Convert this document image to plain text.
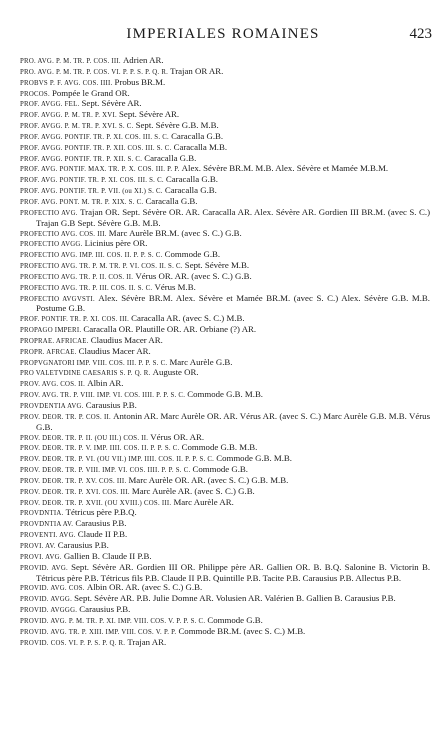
IMPERIALES ROMAINES	423
PRO. AVG. P. M. TR. P. COS. III. Adrien AR.
PRO. AVG. P. M. TR. P. COS. VI. P. P. S. P. Q. R. Trajan OR AR.
PROBVS P. F. AVG. COS. IIII. Probus BR.M.
PROCOS. Pompée le Grand OR.
PROF. AVGG. FEL. Sept. Sévère AR.
PROF. AVGG. P. M. TR. P. XVI. Sept. Sévère AR.
PROF. AVGG. P. M. TR. P. XVI. S. C. Sept. Sévère G.B. M.B.
PROF. AVGG. PONTIF. TR. P. XI. COS. III. S. C. Caracalla G.B.
PROF. AVGG. PONTIF. TR. P. XII. COS. III. S. C. Caracalla M.B.
PROF. AVGG. PONTIF. TR. P. XII. S. C. Caracalla G.B.
PROF. AVG. PONTIF. MAX. TR. P. X. COS. III. P. P. Alex. Sévère BR.M. M.B. Alex. Sévère et Mamée M.B.M.
PROF. AVG. PONTIF. TR. P. XI. COS. III. S. C. Caracalla G.B.
PROF. AVG. PONTIF. TR. P. VII. (ou XI.) S. C. Caracalla G.B.
PROF. AVG. PONT. M. TR. P. XIX. S. C. Caracalla G.B.
PROFECTIO AVG. Trajan OR. Sept. Sévère OR. AR. Caracalla AR. Alex. Sévère AR. Gordien III BR.M. (avec S. C.) Trajan G.B Sept. Sévère G.B. M.B.
PROFECTIO AVG. COS. III. Marc Aurèle BR.M. (avec S. C.) G.B.
PROFECTIO AVGG. Licinius père OR.
PROFECTIO AVG. IMP. III. COS. II. P. P. S. C. Commode G.B.
PROFECTIO AVG. TR. P. M. TR. P. VI. COS. II. S. C. Sept. Sévère M.B.
PROFECTIO AVG. TR. P. II. COS. II. Vérus OR. AR. (avec S. C.) G.B.
PROFECTIO AVG. TR. P. III. COS. II. S. C. Vérus M.B.
PROFECTIO AVGVSTI. Alex. Sévère BR.M. Alex. Sévère et Mamée BR.M. (avec S. C.) Alex. Sévère G.B. M.B. Postume G.B.
PROF. PONTIF. TR. P. XI. COS. III. Caracalla AR. (avec S. C.) M.B.
PROPAGO IMPERI. Caracalla OR. Plautille OR. AR. Orbiane (?) AR.
PROPRAE. AFRICAE. Claudius Macer AR.
PROPR. AFRCAE. Claudius Macer AR.
PROPVGNATORI IMP. VIII. COS. III. P. P. S. C. Marc Aurèle G.B.
PRO VALETVDINE CAESARIS S. P. Q. R. Auguste OR.
PROV. AVG. COS. II. Albin AR.
PROV. AVG. TR. P. VIII. IMP. VI. COS. IIII. P. P. S. C. Commode G.B. M.B.
PROVDENTIA AVG. Carausius P.B.
PROV. DEOR. TR. P. COS. II. Antonin AR. Marc Aurèle OR. AR. Vérus AR. (avec S. C.) Marc Aurèle G.B. M.B. Vérus G.B.
PROV. DEOR. TR. P. II. (OU III.) COS. II. Vérus OR. AR.
PROV. DEOR. TR. P. V. IMP. IIII. COS. II. P. P. S. C. Commode G.B. M.B.
PROV. DEOR. TR. P. VI. (OU VII.) IMP. IIII. COS. II. P. P. S. C. Commode G.B. M.B.
PROV. DEOR. TR. P. VIII. IMP. VI. COS. IIII. P. P. S. C. Commode G.B.
PROV. DEOR. TR. P. XV. COS. III. Marc Aurèle OR. AR. (avec S. C.) G.B. M.B.
PROV. DEOR. TR. P. XVI. COS. III. Marc Aurèle AR. (avec S. C.) G.B.
PROV. DEOR. TR. P. XVII. (OU XVIII.) COS. III. Marc Aurèle AR.
PROVDNTIA. Tétricus père P.B.Q.
PROVDNTIA AV. Carausius P.B.
PROVENTI. AVG. Claude II P.B.
PROVI. AV. Carausius P.B.
PROVI. AVG. Gallien B. Claude II P.B.
PROVID. AVG. Sept. Sévère AR. Gordien III OR. Philippe père AR. Gallien OR. B. B.Q. Salonine B. Victorin B. Tétricus père P.B. Tétricus fils P.B. Claude II P.B. Quintille P.B. Tacite P.B. Carausius P.B. Allectus P.B.
PROVID. AVG. COS. Albin OR. AR. (avec S. C.) G.B.
PROVID. AVGG. Sept. Sévère AR. P.B. Julie Domne AR. Volusien AR. Valérien B. Gallien B. Carausius P.B.
PROVID. AVGGG. Carausius P.B.
PROVID. AVG. P. M. TR. P. XI. IMP. VIII. COS. V. P. P. S. C. Commode G.B.
PROVID. AVG. TR. P. XIII. IMP. VIII. COS. V. P. P. Commode BR.M. (avec S. C.) M.B.
PROVID. COS. VI. P. P. S. P. Q. R. Trajan AR.
